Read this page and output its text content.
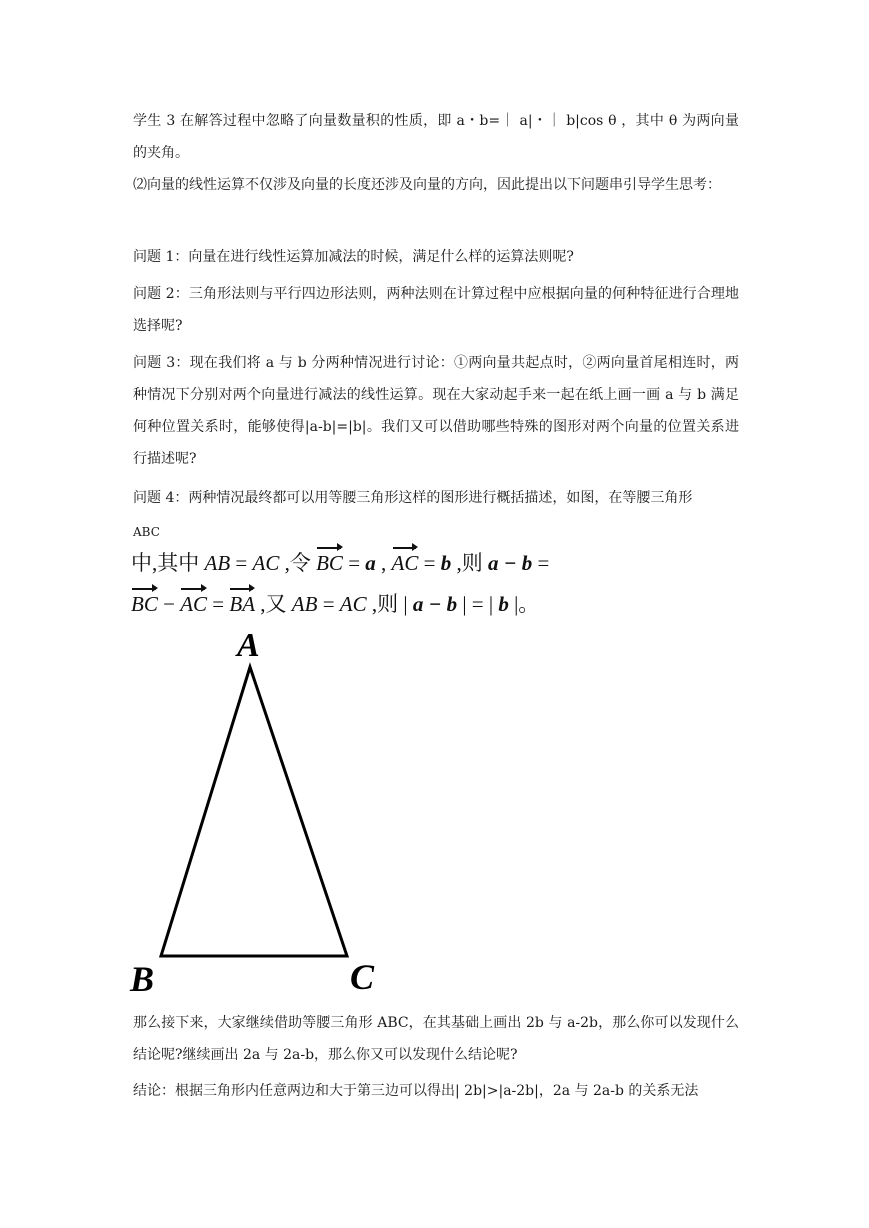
学生 3 在解答过程中忽略了向量数量积的性质，即 a・b=｜ a|・｜ b|cos θ ，其中 θ 为两向量的夹角。

⑵向量的线性运算不仅涉及向量的长度还涉及向量的方向，因此提出以下问题串引导学生思考：

问题 1：向量在进行线性运算加减法的时候，满足什么样的运算法则呢?

问题 2：三角形法则与平行四边形法则，两种法则在计算过程中应根据向量的何种特征进行合理地选择呢?

问题 3：现在我们将 a 与 b 分两种情况进行讨论：①两向量共起点时，②两向量首尾相连时，两种情况下分别对两个向量进行减法的线性运算。现在大家动起手来一起在纸上画一画 a 与 b 满足何种位置关系时，能够使得|a-b|=|b|。我们又可以借助哪些特殊的图形对两个向量的位置关系进行描述呢?

问题 4：两种情况最终都可以用等腰三角形这样的图形进行概括描述，如图，在等腰三角形

ABC

中,其中 AB = AC ,令 BC = a , AC = b ,则 a − b =
BC − AC = BA ,又 AB = AC ,则 | a − b | = | b |。
A
B	C

那么接下来，大家继续借助等腰三角形 ABC，在其基础上画出 2b 与 a-2b，那么你可以发现什么结论呢?继续画出 2a 与 2a-b，那么你又可以发现什么结论呢?

结论：根据三角形内任意两边和大于第三边可以得出| 2b|>|a-2b|，2a 与 2a-b 的关系无法
